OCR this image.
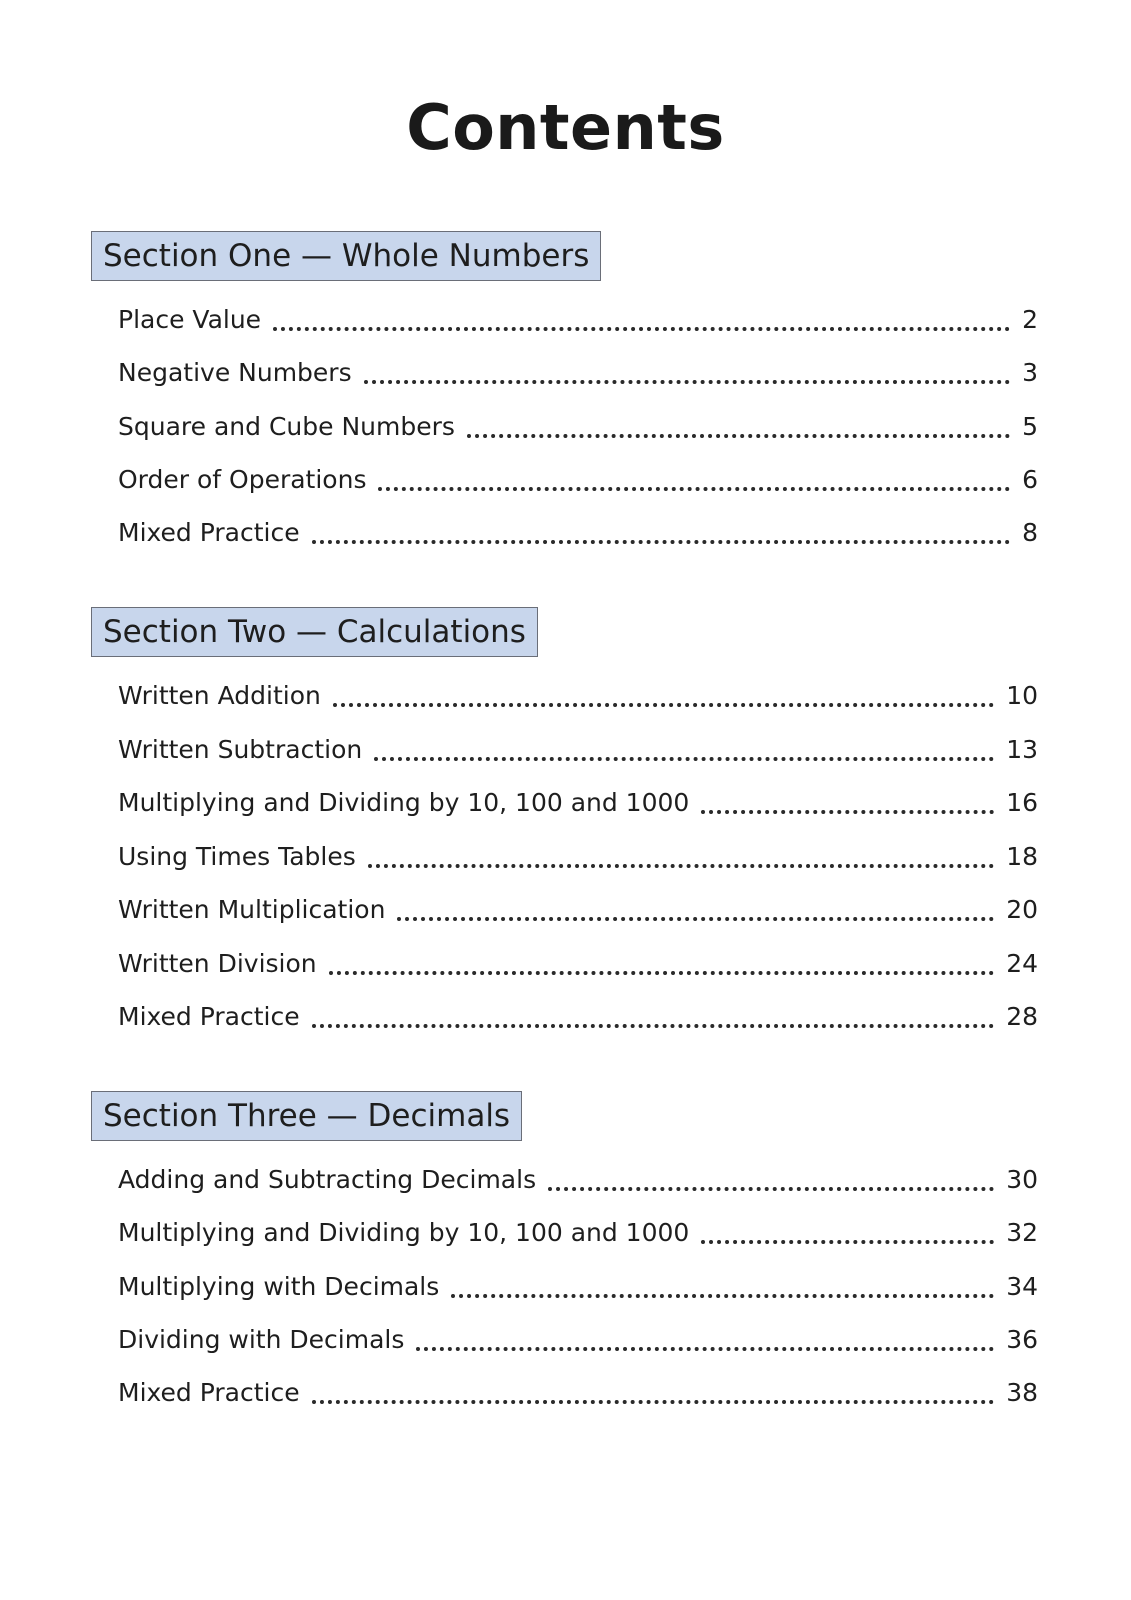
Contents
Section One — Whole Numbers
Place Value	2
Negative Numbers	3
Square and Cube Numbers	5
Order of Operations	6
Mixed Practice	8
Section Two — Calculations
Written Addition	10
Written Subtraction	13
Multiplying and Dividing by 10, 100 and 1000	16
Using Times Tables	18
Written Multiplication	20
Written Division	24
Mixed Practice	28
Section Three — Decimals
Adding and Subtracting Decimals	30
Multiplying and Dividing by 10, 100 and 1000	32
Multiplying with Decimals	34
Dividing with Decimals	36
Mixed Practice	38
